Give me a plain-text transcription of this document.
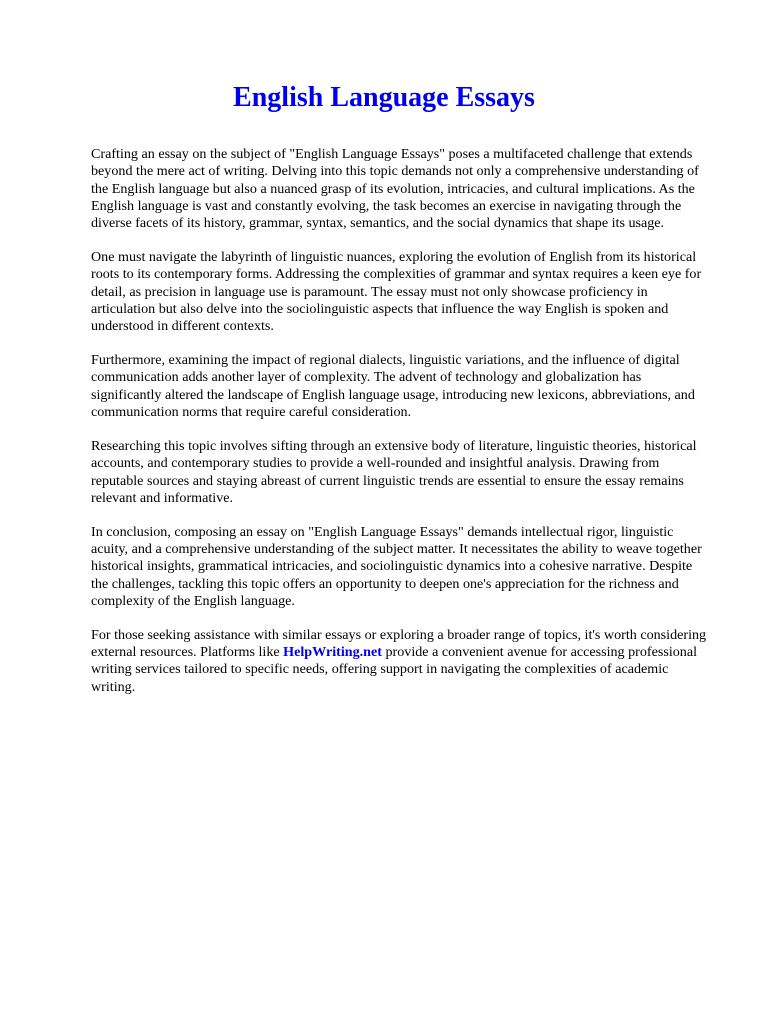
English Language Essays

Crafting an essay on the subject of "English Language Essays" poses a multifaceted challenge that extends beyond the mere act of writing. Delving into this topic demands not only a comprehensive understanding of the English language but also a nuanced grasp of its evolution, intricacies, and cultural implications. As the English language is vast and constantly evolving, the task becomes an exercise in navigating through the diverse facets of its history, grammar, syntax, semantics, and the social dynamics that shape its usage.

One must navigate the labyrinth of linguistic nuances, exploring the evolution of English from its historical roots to its contemporary forms. Addressing the complexities of grammar and syntax requires a keen eye for detail, as precision in language use is paramount. The essay must not only showcase proficiency in articulation but also delve into the sociolinguistic aspects that influence the way English is spoken and understood in different contexts.

Furthermore, examining the impact of regional dialects, linguistic variations, and the influence of digital communication adds another layer of complexity. The advent of technology and globalization has significantly altered the landscape of English language usage, introducing new lexicons, abbreviations, and communication norms that require careful consideration.

Researching this topic involves sifting through an extensive body of literature, linguistic theories, historical accounts, and contemporary studies to provide a well-rounded and insightful analysis. Drawing from reputable sources and staying abreast of current linguistic trends are essential to ensure the essay remains relevant and informative.

In conclusion, composing an essay on "English Language Essays" demands intellectual rigor, linguistic acuity, and a comprehensive understanding of the subject matter. It necessitates the ability to weave together historical insights, grammatical intricacies, and sociolinguistic dynamics into a cohesive narrative. Despite the challenges, tackling this topic offers an opportunity to deepen one's appreciation for the richness and complexity of the English language.

For those seeking assistance with similar essays or exploring a broader range of topics, it's worth considering external resources. Platforms like HelpWriting.net provide a convenient avenue for accessing professional writing services tailored to specific needs, offering support in navigating the complexities of academic writing.
